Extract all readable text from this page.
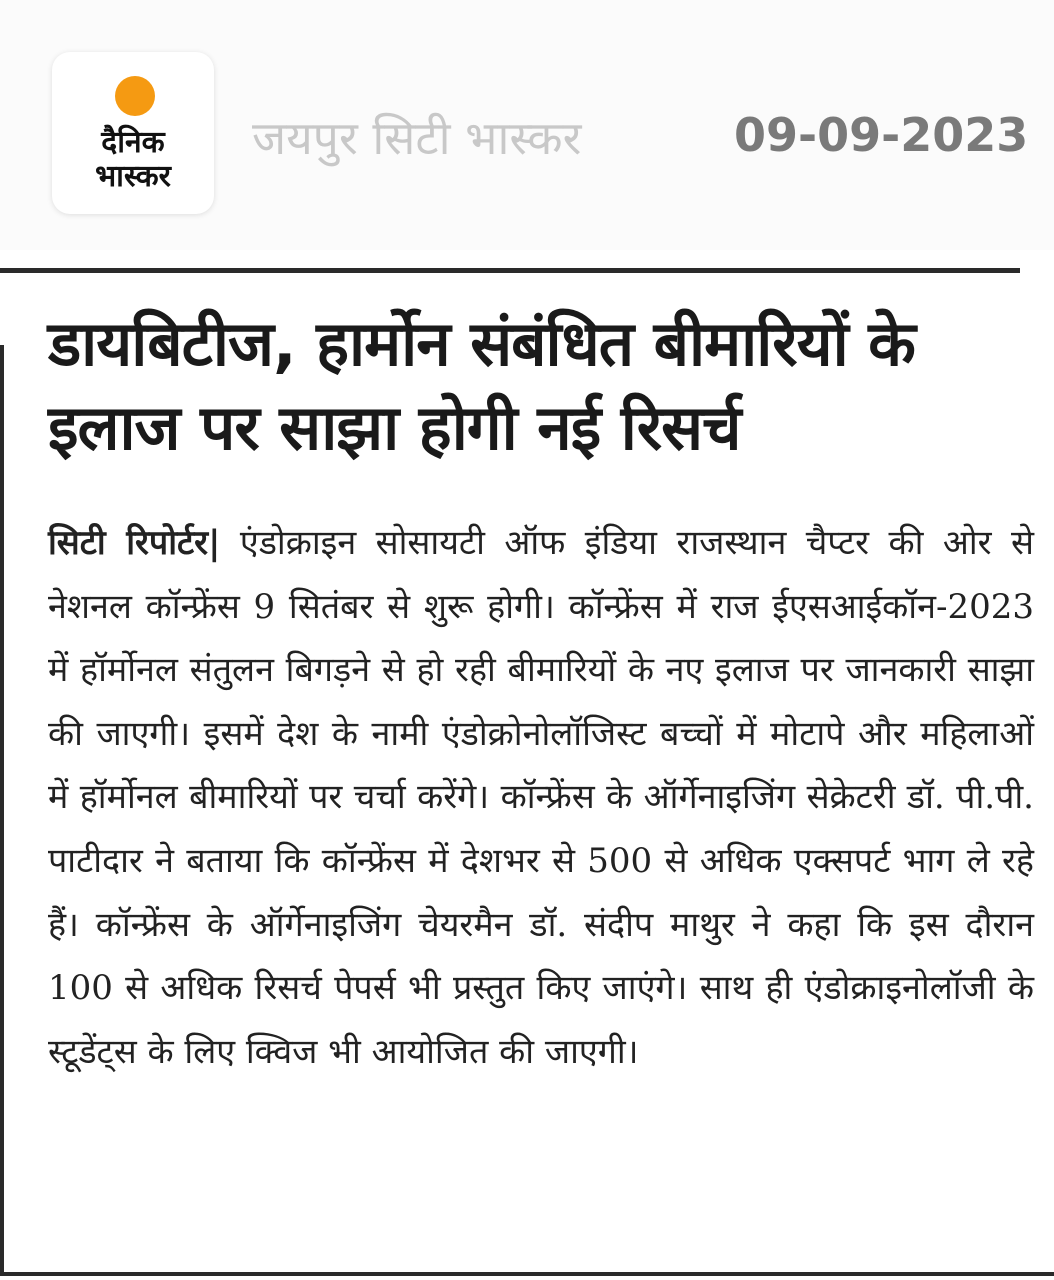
दैनिक
भास्कर
जयपुर सिटी भास्कर	09-09-2023
डायबिटीज, हार्मोन संबंधित बीमारियों के इलाज पर साझा होगी नई रिसर्च

सिटी रिपोर्टर| एंडोक्राइन सोसायटी ऑफ इंडिया राजस्थान चैप्टर की ओर से नेशनल कॉन्फ्रेंस 9 सितंबर से शुरू होगी। कॉन्फ्रेंस में राज ईएसआईकॉन-2023 में हॉर्मोनल संतुलन बिगड़ने से हो रही बीमारियों के नए इलाज पर जानकारी साझा की जाएगी। इसमें देश के नामी एंडोक्रोनोलॉजिस्ट बच्चों में मोटापे और महिलाओं में हॉर्मोनल बीमारियों पर चर्चा करेंगे। कॉन्फ्रेंस के ऑर्गेनाइजिंग सेक्रेटरी डॉ. पी.पी. पाटीदार ने बताया कि कॉन्फ्रेंस में देशभर से 500 से अधिक एक्सपर्ट भाग ले रहे हैं। कॉन्फ्रेंस के ऑर्गेनाइजिंग चेयरमैन डॉ. संदीप माथुर ने कहा कि इस दौरान 100 से अधिक रिसर्च पेपर्स भी प्रस्तुत किए जाएंगे। साथ ही एंडोक्राइनोलॉजी के स्टूडेंट्स के लिए क्विज भी आयोजित की जाएगी।
